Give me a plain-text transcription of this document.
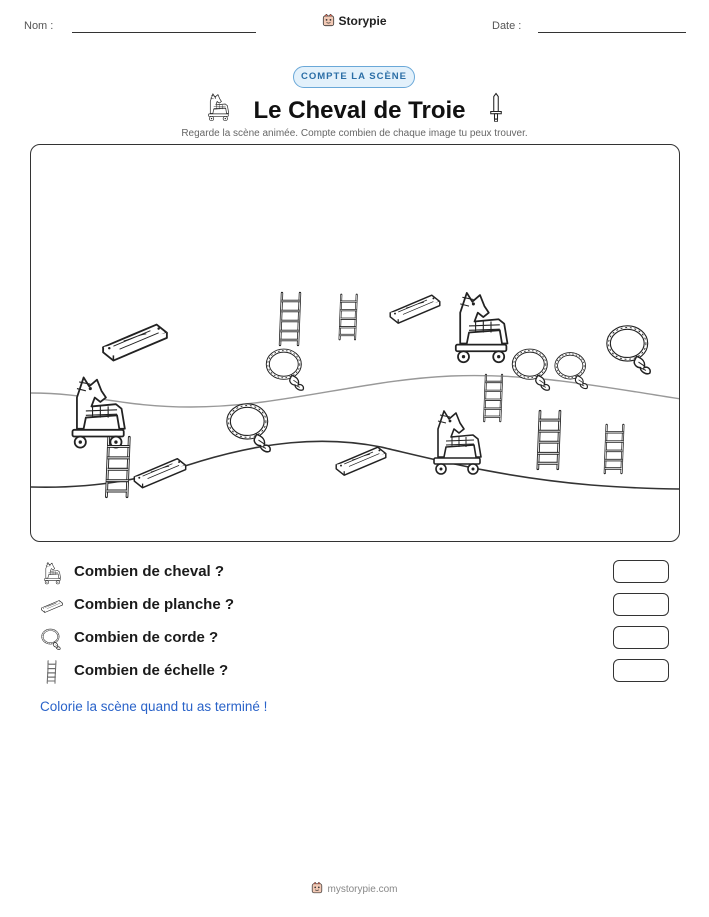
Nom :	Storypie	Date :
COMPTE LA SCÈNE
Le Cheval de Troie
Regarde la scène animée. Compte combien de chaque image tu peux trouver.
Combien de cheval ?
Combien de planche ?
Combien de corde ?
Combien de échelle ?
Colorie la scène quand tu as terminé !
mystorypie.com
